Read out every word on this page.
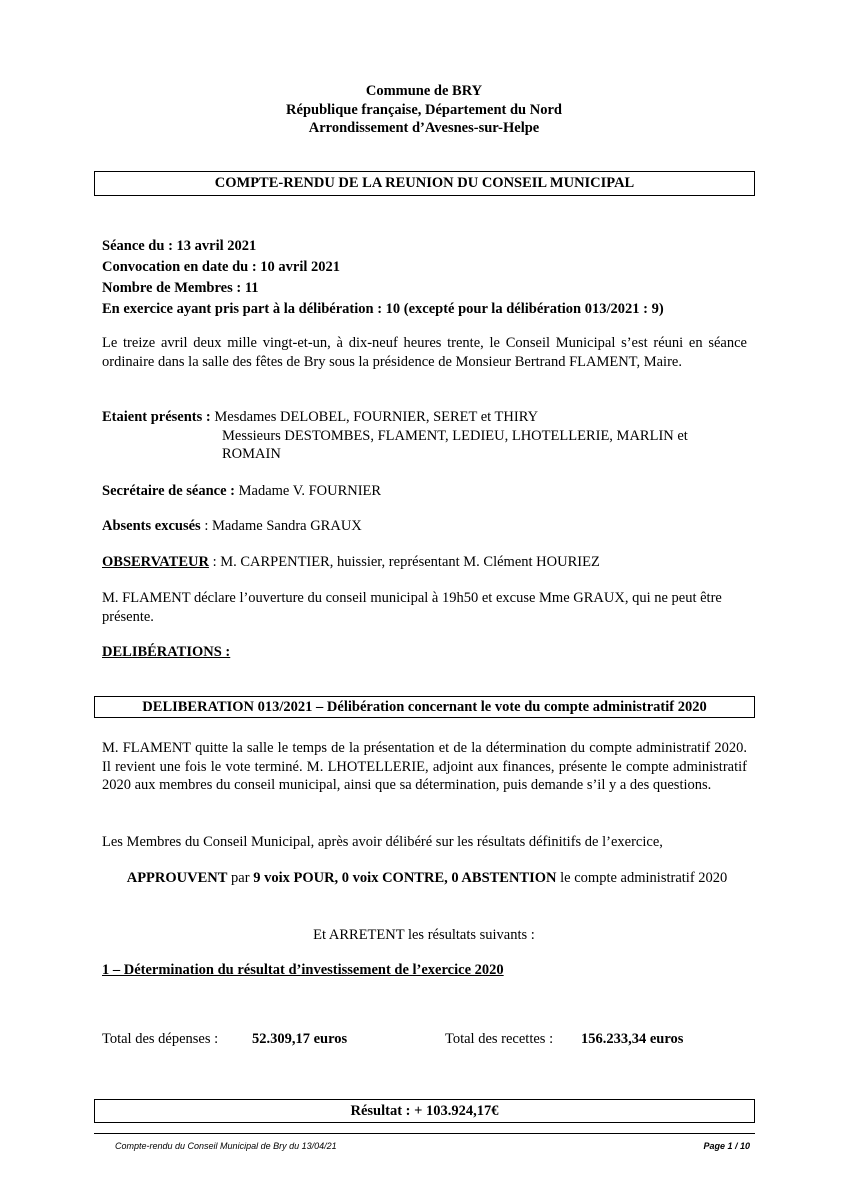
Commune de BRY
République française, Département du Nord
Arrondissement d’Avesnes-sur-Helpe
COMPTE-RENDU DE LA REUNION DU CONSEIL MUNICIPAL
Séance du : 13 avril 2021
Convocation en date du : 10 avril 2021
Nombre de Membres : 11
En exercice ayant pris part à la délibération : 10 (excepté pour la délibération 013/2021 : 9)
Le treize avril deux mille vingt-et-un, à dix-neuf heures trente, le Conseil Municipal s’est réuni en séance ordinaire dans la salle des fêtes de Bry sous la présidence de Monsieur Bertrand FLAMENT, Maire.
Etaient présents : Mesdames DELOBEL, FOURNIER, SERET et THIRY
Messieurs DESTOMBES, FLAMENT, LEDIEU, LHOTELLERIE, MARLIN et ROMAIN
Secrétaire de séance : Madame V. FOURNIER
Absents excusés : Madame Sandra GRAUX
OBSERVATEUR : M. CARPENTIER, huissier, représentant M. Clément HOURIEZ
M. FLAMENT déclare l’ouverture du conseil municipal à 19h50 et excuse Mme GRAUX, qui ne peut être présente.
DELIBÉRATIONS :
DELIBERATION 013/2021 – Délibération concernant le vote du compte administratif 2020
M. FLAMENT quitte la salle le temps de la présentation et de la détermination du compte administratif 2020. Il revient une fois le vote terminé. M. LHOTELLERIE, adjoint aux finances, présente le compte administratif 2020 aux membres du conseil municipal, ainsi que sa détermination, puis demande s’il y a des questions.
Les Membres du Conseil Municipal, après avoir délibéré sur les résultats définitifs de l’exercice,
APPROUVENT par 9 voix POUR, 0 voix CONTRE, 0 ABSTENTION le compte administratif 2020
Et ARRETENT les résultats suivants :
1 – Détermination du résultat d’investissement de l’exercice 2020
Total des dépenses : 52.309,17 euros	Total des recettes : 156.233,34 euros
Résultat : + 103.924,17€
Compte-rendu du Conseil Municipal de Bry du 13/04/21	Page 1 / 10
